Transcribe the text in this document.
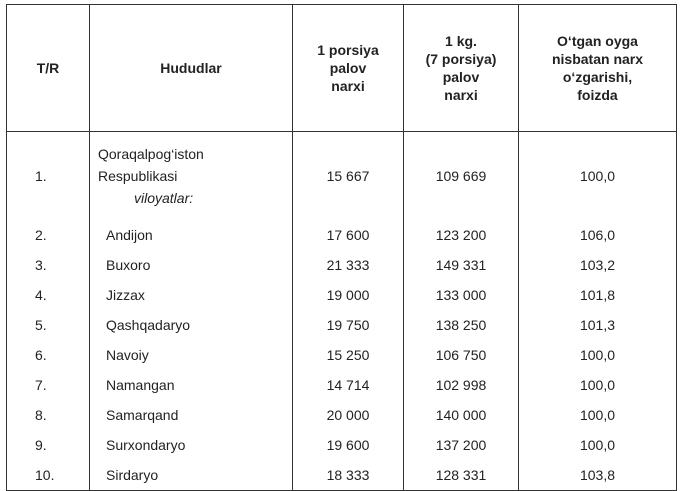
T/R	Hududlar	1 porsiya
palov
narxi	1 kg.
(7 porsiya)
palov
narxi	O‘tgan oyga
nisbatan narx
o‘zgarishi,
foizda
1.	Qoraqalpog‘iston
Respublikasi
viloyatlar:	15 667	109 669	100,0
2.	Andijon	17 600	123 200	106,0
3.	Buxoro	21 333	149 331	103,2
4.	Jizzax	19 000	133 000	101,8
5.	Qashqadaryo	19 750	138 250	101,3
6.	Navoiy	15 250	106 750	100,0
7.	Namangan	14 714	102 998	100,0
8.	Samarqand	20 000	140 000	100,0
9.	Surxondaryo	19 600	137 200	100,0
10.	Sirdaryo	18 333	128 331	103,8
